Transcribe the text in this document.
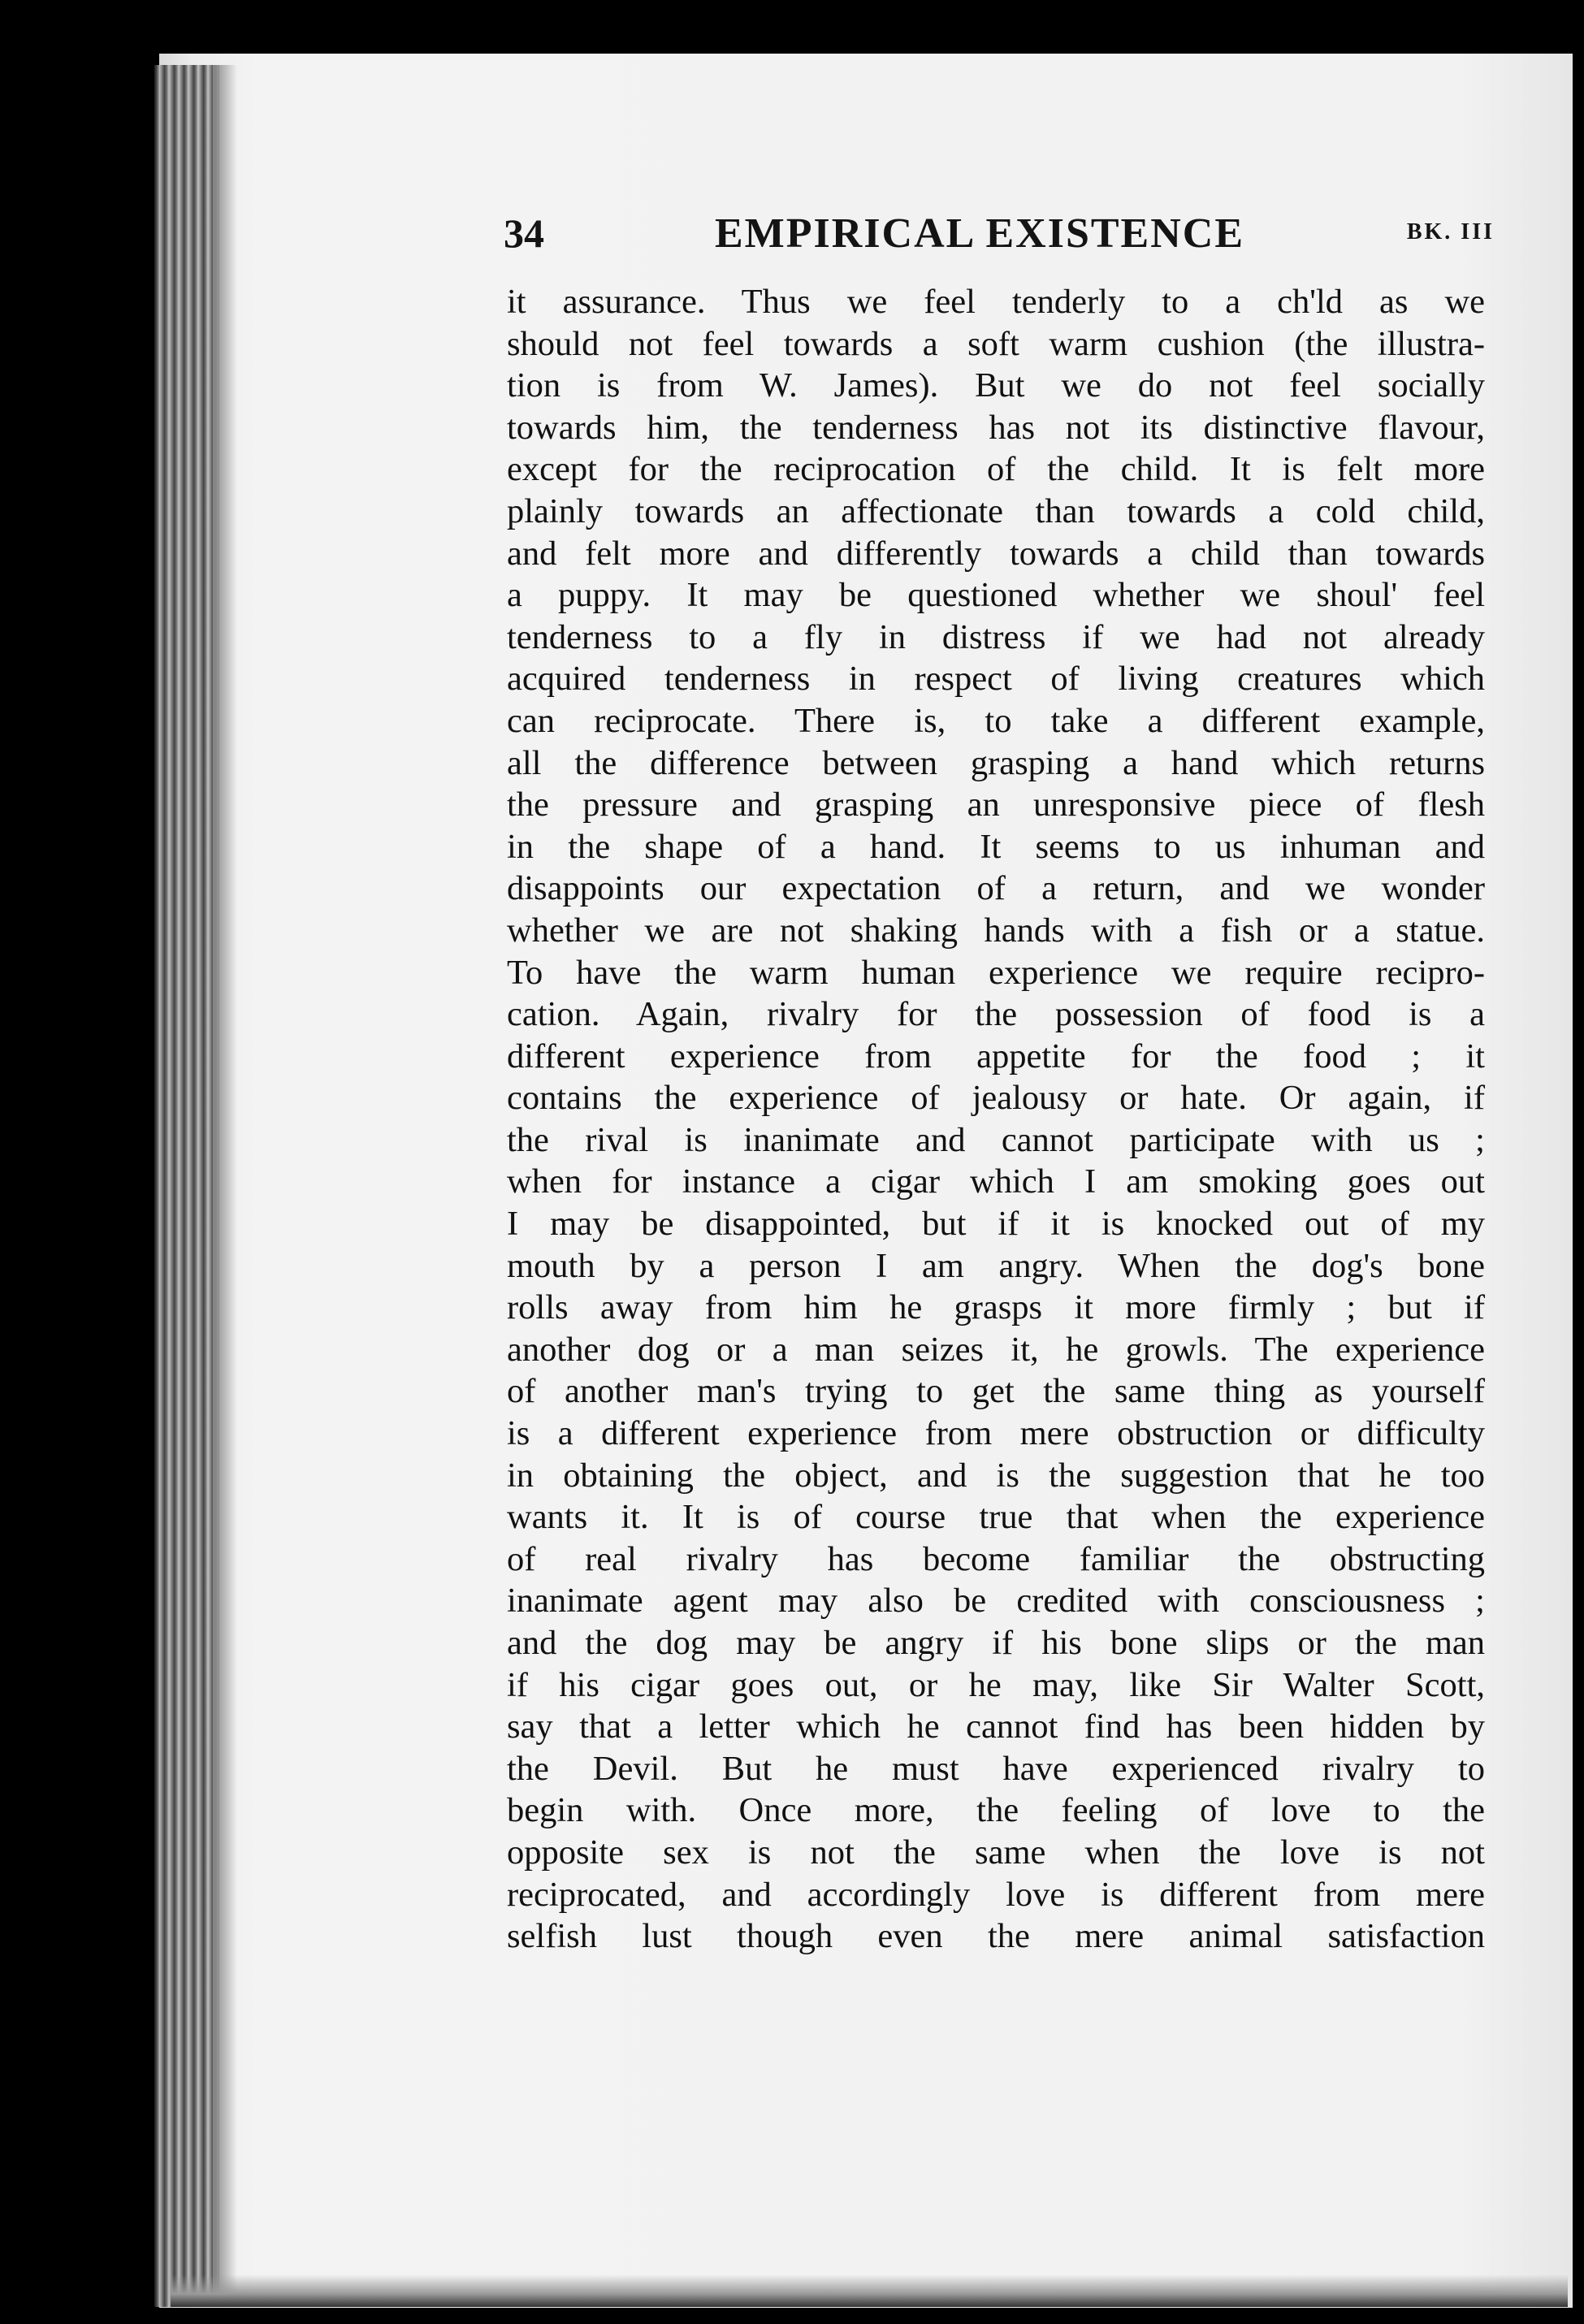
34	EMPIRICAL EXISTENCE	BK. III
it assurance. Thus we feel tenderly to a ch'ld as we
should not feel towards a soft warm cushion (the illustra-
tion is from W. James). But we do not feel socially
towards him, the tenderness has not its distinctive flavour,
except for the reciprocation of the child. It is felt more
plainly towards an affectionate than towards a cold child,
and felt more and differently towards a child than towards
a puppy. It may be questioned whether we shoul' feel
tenderness to a fly in distress if we had not already
acquired tenderness in respect of living creatures which
can reciprocate. There is, to take a different example,
all the difference between grasping a hand which returns
the pressure and grasping an unresponsive piece of flesh
in the shape of a hand. It seems to us inhuman and
disappoints our expectation of a return, and we wonder
whether we are not shaking hands with a fish or a statue.
To have the warm human experience we require recipro-
cation. Again, rivalry for the possession of food is a
different experience from appetite for the food ; it
contains the experience of jealousy or hate. Or again, if
the rival is inanimate and cannot participate with us ;
when for instance a cigar which I am smoking goes out
I may be disappointed, but if it is knocked out of my
mouth by a person I am angry. When the dog's bone
rolls away from him he grasps it more firmly ; but if
another dog or a man seizes it, he growls. The experience
of another man's trying to get the same thing as yourself
is a different experience from mere obstruction or difficulty
in obtaining the object, and is the suggestion that he too
wants it. It is of course true that when the experience
of real rivalry has become familiar the obstructing
inanimate agent may also be credited with consciousness ;
and the dog may be angry if his bone slips or the man
if his cigar goes out, or he may, like Sir Walter Scott,
say that a letter which he cannot find has been hidden by
the Devil. But he must have experienced rivalry to
begin with. Once more, the feeling of love to the
opposite sex is not the same when the love is not
reciprocated, and accordingly love is different from mere
selfish lust though even the mere animal satisfaction
